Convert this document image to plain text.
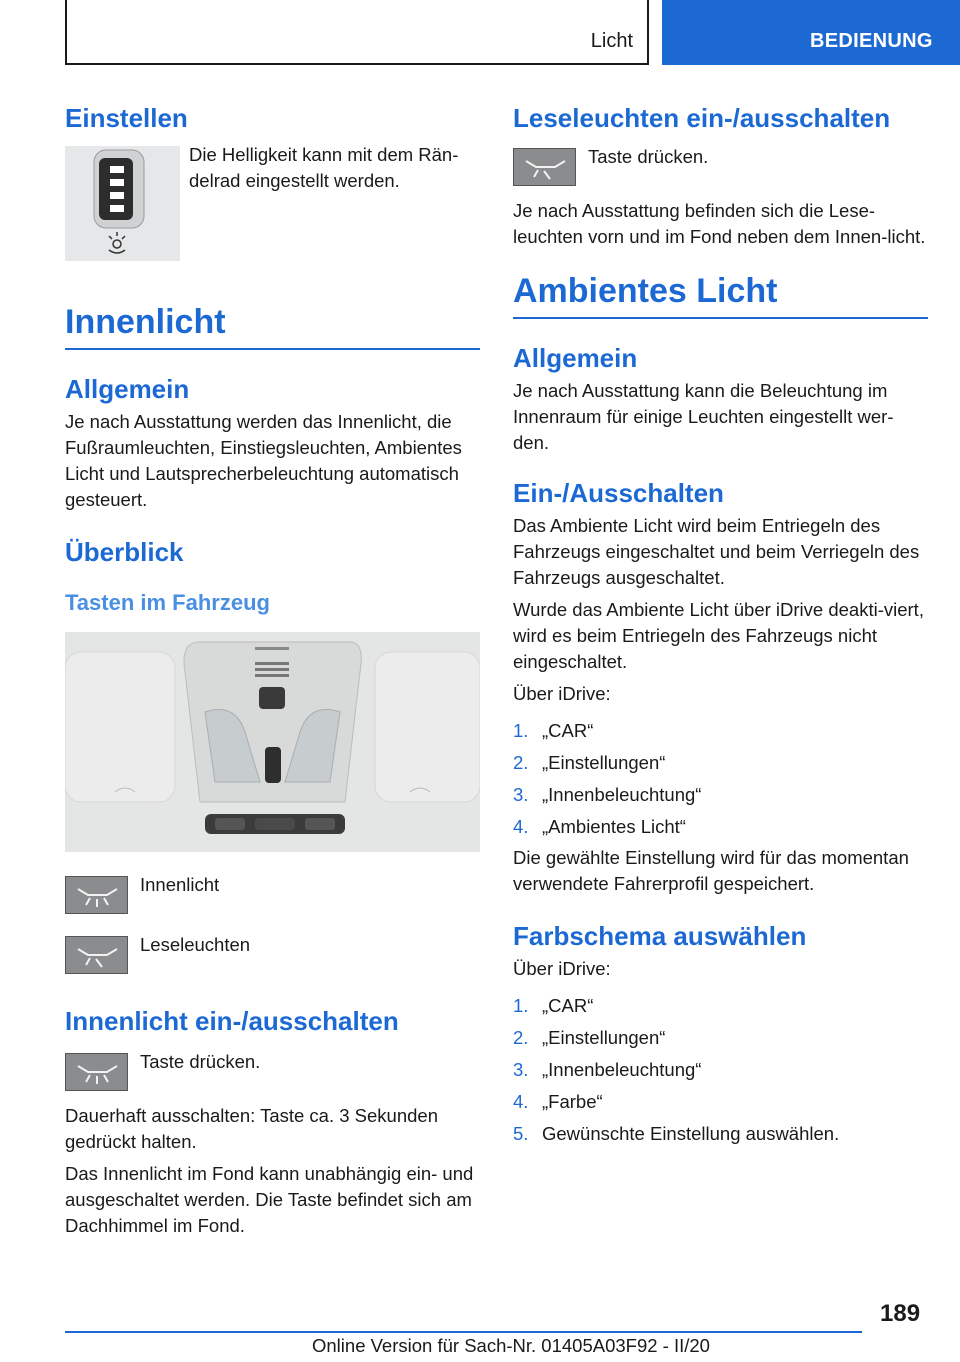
Licht	BEDIENUNG
Einstellen

Die Helligkeit kann mit dem Rän-delrad eingestellt werden.

Innenlicht
Allgemein

Je nach Ausstattung werden das Innenlicht, die Fußraumleuchten, Einstiegsleuchten, Ambientes Licht und Lautsprecherbeleuchtung automatisch gesteuert.

Überblick
Tasten im Fahrzeug

Innenlicht

Leseleuchten

Innenlicht ein-/ausschalten

Taste drücken.

Dauerhaft ausschalten: Taste ca. 3 Sekunden gedrückt halten.

Das Innenlicht im Fond kann unabhängig ein- und ausgeschaltet werden. Die Taste befindet sich am Dachhimmel im Fond.

Leseleuchten ein-/ausschalten

Taste drücken.

Je nach Ausstattung befinden sich die Lese-leuchten vorn und im Fond neben dem Innen-licht.

Ambientes Licht
Allgemein

Je nach Ausstattung kann die Beleuchtung im Innenraum für einige Leuchten eingestellt wer-den.

Ein-/Ausschalten

Das Ambiente Licht wird beim Entriegeln des Fahrzeugs eingeschaltet und beim Verriegeln des Fahrzeugs ausgeschaltet.

Wurde das Ambiente Licht über iDrive deakti-viert, wird es beim Entriegeln des Fahrzeugs nicht eingeschaltet.

Über iDrive:

1. „CAR“
2. „Einstellungen“
3. „Innenbeleuchtung“
4. „Ambientes Licht“

Die gewählte Einstellung wird für das momentan verwendete Fahrerprofil gespeichert.

Farbschema auswählen

Über iDrive:

1. „CAR“
2. „Einstellungen“
3. „Innenbeleuchtung“
4. „Farbe“
5. Gewünschte Einstellung auswählen.
189
Online Version für Sach-Nr. 01405A03F92 - II/20
